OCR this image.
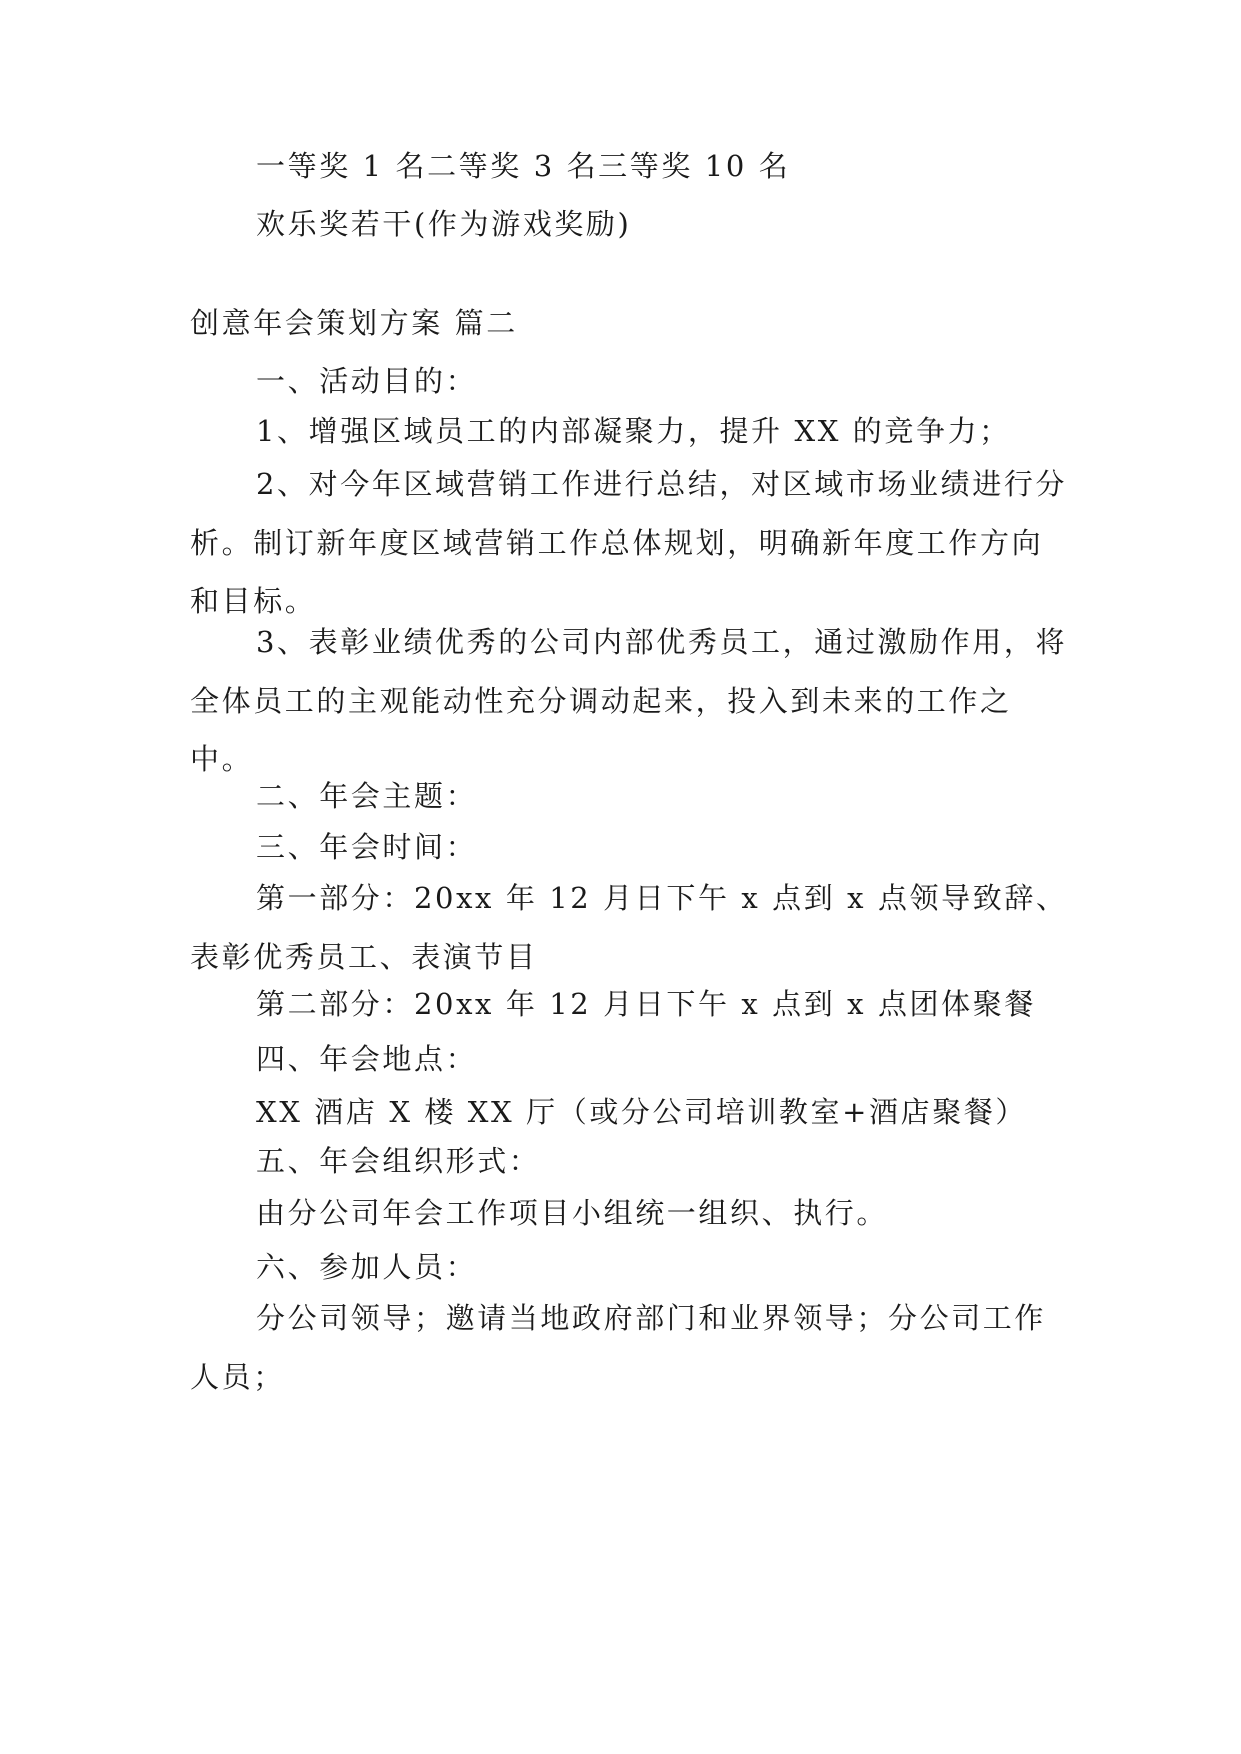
一等奖 1 名二等奖 3 名三等奖 10 名
欢乐奖若干(作为游戏奖励)
创意年会策划方案 篇二
一、活动目的：
1、增强区域员工的内部凝聚力，提升 XX 的竞争力；
2、对今年区域营销工作进行总结，对区域市场业绩进行分析。制订新年度区域营销工作总体规划，明确新年度工作方向和目标。
3、表彰业绩优秀的公司内部优秀员工，通过激励作用，将全体员工的主观能动性充分调动起来，投入到未来的工作之中。
二、年会主题：
三、年会时间：
第一部分：20xx 年 12 月日下午 x 点到 x 点领导致辞、表彰优秀员工、表演节目
第二部分：20xx 年 12 月日下午 x 点到 x 点团体聚餐
四、年会地点：
XX 酒店 X 楼 XX 厅（或分公司培训教室+酒店聚餐）
五、年会组织形式：
由分公司年会工作项目小组统一组织、执行。
六、参加人员：
分公司领导；邀请当地政府部门和业界领导；分公司工作人员；
